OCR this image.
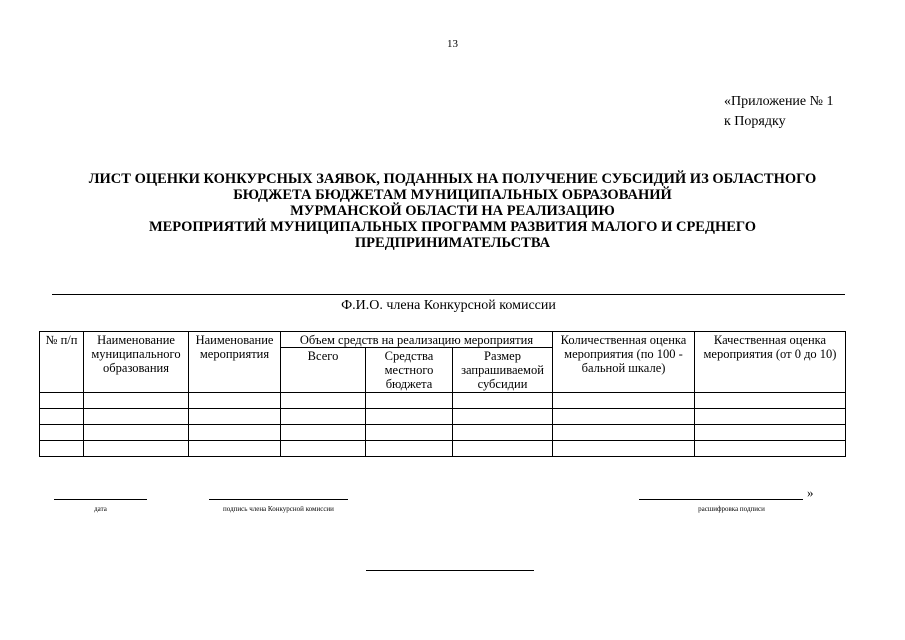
13
«Приложение № 1
к Порядку
ЛИСТ ОЦЕНКИ КОНКУРСНЫХ ЗАЯВОК, ПОДАННЫХ НА ПОЛУЧЕНИЕ СУБСИДИЙ ИЗ ОБЛАСТНОГО
БЮДЖЕТА БЮДЖЕТАМ МУНИЦИПАЛЬНЫХ ОБРАЗОВАНИЙ
МУРМАНСКОЙ ОБЛАСТИ НА РЕАЛИЗАЦИЮ
МЕРОПРИЯТИЙ МУНИЦИПАЛЬНЫХ ПРОГРАММ РАЗВИТИЯ МАЛОГО И СРЕДНЕГО
ПРЕДПРИНИМАТЕЛЬСТВА
Ф.И.О. члена Конкурсной комиссии
№ п/п	Наименование муниципального образования	Наименование мероприятия	Объем средств на реализацию мероприятия			Количественная оценка мероприятия (по 100 - бальной шкале)	Качественная оценка мероприятия (от 0 до 10)
			Всего	Средства местного бюджета	Размер запрашиваемой субсидии		

дата	подпись члена Конкурсной комиссии
»
расшифровка подписи
